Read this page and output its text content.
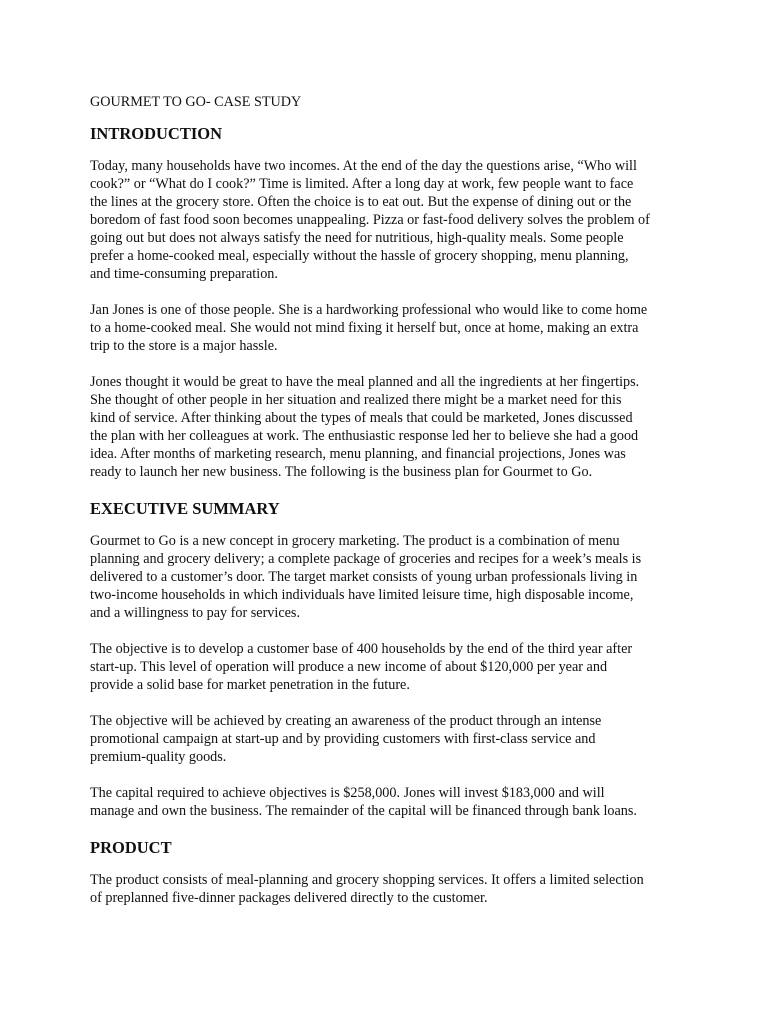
GOURMET TO GO- CASE STUDY
INTRODUCTION

Today, many households have two incomes. At the end of the day the questions arise, “Who will cook?” or “What do I cook?” Time is limited. After a long day at work, few people want to face the lines at the grocery store. Often the choice is to eat out. But the expense of dining out or the boredom of fast food soon becomes unappealing. Pizza or fast-food delivery solves the problem of going out but does not always satisfy the need for nutritious, high-quality meals. Some people prefer a home-cooked meal, especially without the hassle of grocery shopping, menu planning, and time-consuming preparation.

Jan Jones is one of those people. She is a hardworking professional who would like to come home to a home-cooked meal. She would not mind fixing it herself but, once at home, making an extra trip to the store is a major hassle.

Jones thought it would be great to have the meal planned and all the ingredients at her fingertips. She thought of other people in her situation and realized there might be a market need for this kind of service. After thinking about the types of meals that could be marketed, Jones discussed the plan with her colleagues at work. The enthusiastic response led her to believe she had a good idea. After months of marketing research, menu planning, and financial projections, Jones was ready to launch her new business. The following is the business plan for Gourmet to Go.

EXECUTIVE SUMMARY

Gourmet to Go is a new concept in grocery marketing. The product is a combination of menu planning and grocery delivery; a complete package of groceries and recipes for a week’s meals is delivered to a customer’s door. The target market consists of young urban professionals living in two-income households in which individuals have limited leisure time, high disposable income, and a willingness to pay for services.

The objective is to develop a customer base of 400 households by the end of the third year after start-up. This level of operation will produce a new income of about $120,000 per year and provide a solid base for market penetration in the future.

The objective will be achieved by creating an awareness of the product through an intense promotional campaign at start-up and by providing customers with first-class service and premium-quality goods.

The capital required to achieve objectives is $258,000. Jones will invest $183,000 and will manage and own the business. The remainder of the capital will be financed through bank loans.

PRODUCT

The product consists of meal-planning and grocery shopping services. It offers a limited selection of preplanned five-dinner packages delivered directly to the customer.
